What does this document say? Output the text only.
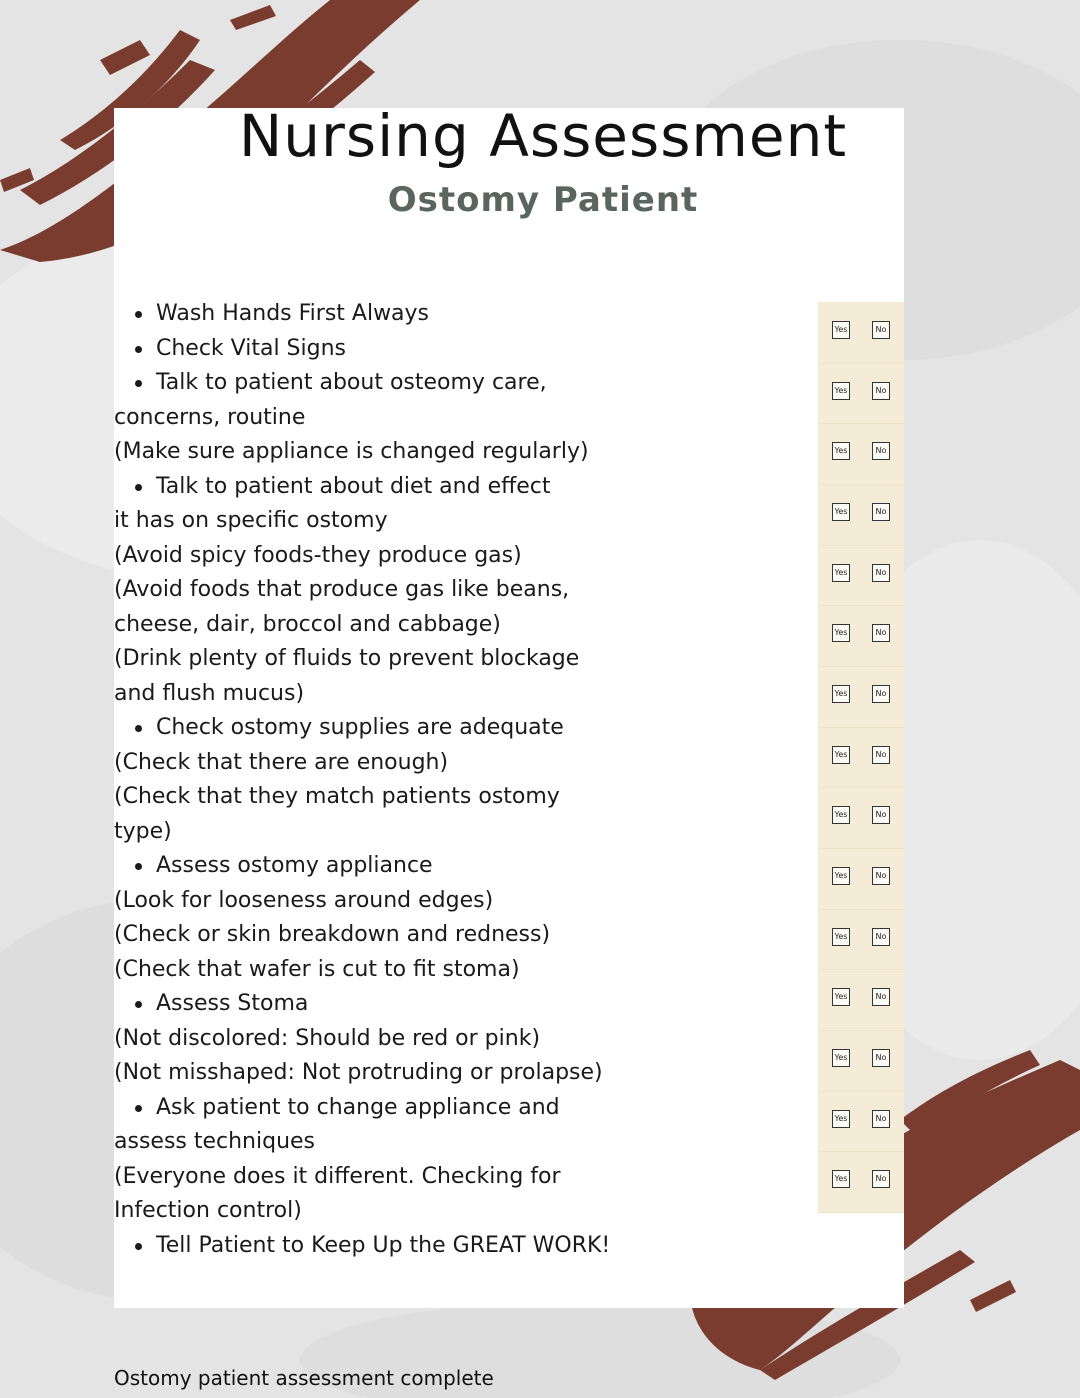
Nursing Assessment
Ostomy Patient
Wash Hands First Always
Check Vital Signs
Talk to patient about osteomy care,
concerns, routine
(Make sure appliance is changed regularly)
Talk to patient about diet and effect
it has on specific ostomy
(Avoid spicy foods-they produce gas)
(Avoid foods that produce gas like beans,
cheese, dair, broccol and cabbage)
(Drink plenty of fluids to prevent blockage
and flush mucus)
Check ostomy supplies are adequate
(Check that there are enough)
(Check that they match patients ostomy
type)
Assess ostomy appliance
(Look for looseness around edges)
(Check or skin breakdown and redness)
(Check that wafer is cut to fit stoma)
Assess Stoma
(Not discolored: Should be red or pink)
(Not misshaped: Not protruding or prolapse)
Ask patient to change appliance and
assess techniques
(Everyone does it different. Checking for
Infection control)
Tell Patient to Keep Up the GREAT WORK!
Yes	No
Yes	No
Yes	No
Yes	No
Yes	No
Yes	No
Yes	No
Yes	No
Yes	No
Yes	No
Yes	No
Yes	No
Yes	No
Yes	No
Yes	No
Ostomy patient assessment complete
